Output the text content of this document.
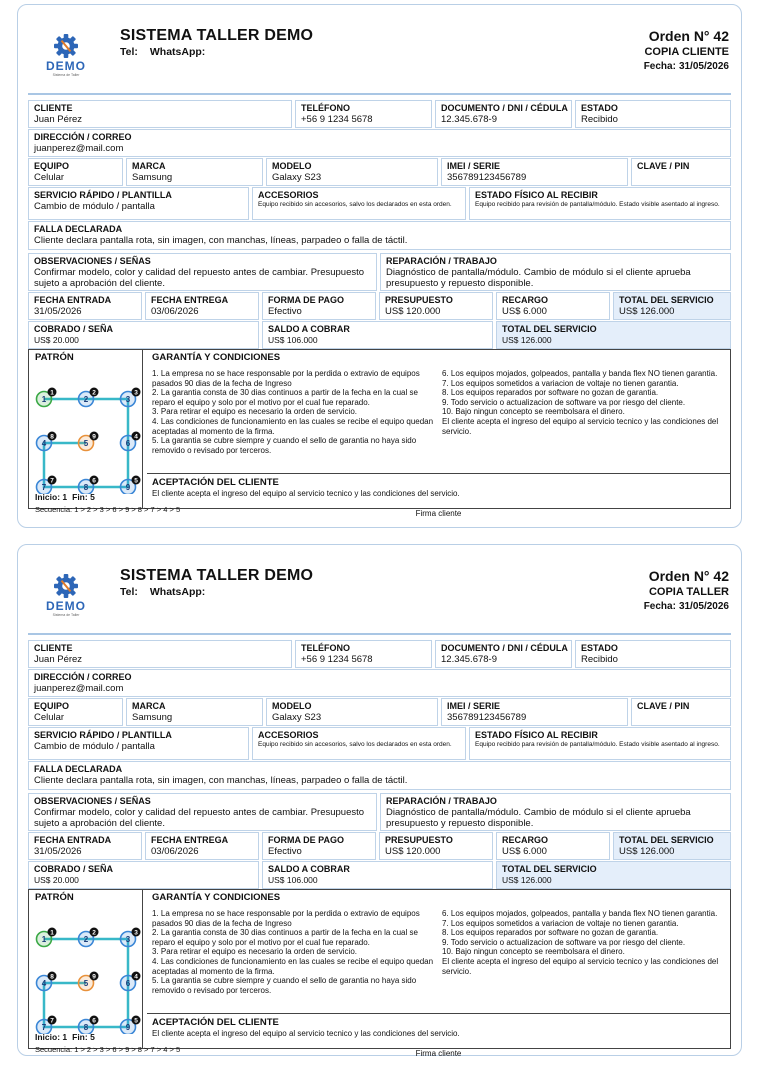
DEMO
Sistema de Taller
SISTEMA TALLER DEMO
Tel: WhatsApp:
Orden N° 42
COPIA CLIENTE
Fecha: 31/05/2026
CLIENTE
Juan Pérez
TELÉFONO
+56 9 1234 5678
DOCUMENTO / DNI / CÉDULA
12.345.678-9
ESTADO
Recibido
DIRECCIÓN / CORREO
juanperez@mail.com
EQUIPO
Celular
MARCA
Samsung
MODELO
Galaxy S23
IMEI / SERIE
356789123456789
CLAVE / PIN
SERVICIO RÁPIDO / PLANTILLA
Cambio de módulo / pantalla
ACCESORIOS
Equipo recibido sin accesorios, salvo los declarados en esta orden.
ESTADO FÍSICO AL RECIBIR
Equipo recibido para revisión de pantalla/módulo. Estado visible asentado al ingreso.
FALLA DECLARADA
Cliente declara pantalla rota, sin imagen, con manchas, líneas, parpadeo o falla de táctil.
OBSERVACIONES / SEÑAS
Confirmar modelo, color y calidad del repuesto antes de cambiar. Presupuesto sujeto a aprobación del cliente.
REPARACIÓN / TRABAJO
Diagnóstico de pantalla/módulo. Cambio de módulo si el cliente aprueba presupuesto y repuesto disponible.
FECHA ENTRADA
31/05/2026
FECHA ENTREGA
03/06/2026
FORMA DE PAGO
Efectivo
PRESUPUESTO
US$ 120.000
RECARGO
US$ 6.000
TOTAL DEL SERVICIO
US$ 126.000
COBRADO / SEÑA
US$ 20.000
SALDO A COBRAR
US$ 106.000
TOTAL DEL SERVICIO
US$ 126.000
PATRÓN
1
1
2
2
3
3
4
8
5
9
6
4
7
7
8
6
9
5
Inicio: 1 Fin: 5
Secuencia: 1 > 2 > 3 > 6 > 9 > 8 > 7 > 4 > 5
GARANTÍA Y CONDICIONES
1. La empresa no se hace responsable por la perdida o extravio de equipos pasados 90 dias de la fecha de Ingreso
2. La garantia consta de 30 dias continuos a partir de la fecha en la cual se reparo el equipo y solo por el motivo por el cual fue reparado.
3. Para retirar el equipo es necesario la orden de servicio.
4. Las condiciones de funcionamiento en las cuales se recibe el equipo quedan aceptadas al momento de la firma.
5. La garantia se cubre siempre y cuando el sello de garantia no haya sido removido o revisado por terceros.
6. Los equipos mojados, golpeados, pantalla y banda flex NO tienen garantia.
7. Los equipos sometidos a variacion de voltaje no tienen garantia.
8. Los equipos reparados por software no gozan de garantia.
9. Todo servicio o actualizacion de software va por riesgo del cliente.
10. Bajo ningun concepto se reembolsara el dinero.
El cliente acepta el ingreso del equipo al servicio tecnico y las condiciones del servicio.
ACEPTACIÓN DEL CLIENTE
El cliente acepta el ingreso del equipo al servicio tecnico y las condiciones del servicio.
Firma cliente
DEMO
Sistema de Taller
SISTEMA TALLER DEMO
Tel: WhatsApp:
Orden N° 42
COPIA TALLER
Fecha: 31/05/2026
CLIENTE
Juan Pérez
TELÉFONO
+56 9 1234 5678
DOCUMENTO / DNI / CÉDULA
12.345.678-9
ESTADO
Recibido
DIRECCIÓN / CORREO
juanperez@mail.com
EQUIPO
Celular
MARCA
Samsung
MODELO
Galaxy S23
IMEI / SERIE
356789123456789
CLAVE / PIN
SERVICIO RÁPIDO / PLANTILLA
Cambio de módulo / pantalla
ACCESORIOS
Equipo recibido sin accesorios, salvo los declarados en esta orden.
ESTADO FÍSICO AL RECIBIR
Equipo recibido para revisión de pantalla/módulo. Estado visible asentado al ingreso.
FALLA DECLARADA
Cliente declara pantalla rota, sin imagen, con manchas, líneas, parpadeo o falla de táctil.
OBSERVACIONES / SEÑAS
Confirmar modelo, color y calidad del repuesto antes de cambiar. Presupuesto sujeto a aprobación del cliente.
REPARACIÓN / TRABAJO
Diagnóstico de pantalla/módulo. Cambio de módulo si el cliente aprueba presupuesto y repuesto disponible.
FECHA ENTRADA
31/05/2026
FECHA ENTREGA
03/06/2026
FORMA DE PAGO
Efectivo
PRESUPUESTO
US$ 120.000
RECARGO
US$ 6.000
TOTAL DEL SERVICIO
US$ 126.000
COBRADO / SEÑA
US$ 20.000
SALDO A COBRAR
US$ 106.000
TOTAL DEL SERVICIO
US$ 126.000
PATRÓN
1
1
2
2
3
3
4
8
5
9
6
4
7
7
8
6
9
5
Inicio: 1 Fin: 5
Secuencia: 1 > 2 > 3 > 6 > 9 > 8 > 7 > 4 > 5
GARANTÍA Y CONDICIONES
1. La empresa no se hace responsable por la perdida o extravio de equipos pasados 90 dias de la fecha de Ingreso
2. La garantia consta de 30 dias continuos a partir de la fecha en la cual se reparo el equipo y solo por el motivo por el cual fue reparado.
3. Para retirar el equipo es necesario la orden de servicio.
4. Las condiciones de funcionamiento en las cuales se recibe el equipo quedan aceptadas al momento de la firma.
5. La garantia se cubre siempre y cuando el sello de garantia no haya sido removido o revisado por terceros.
6. Los equipos mojados, golpeados, pantalla y banda flex NO tienen garantia.
7. Los equipos sometidos a variacion de voltaje no tienen garantia.
8. Los equipos reparados por software no gozan de garantia.
9. Todo servicio o actualizacion de software va por riesgo del cliente.
10. Bajo ningun concepto se reembolsara el dinero.
El cliente acepta el ingreso del equipo al servicio tecnico y las condiciones del servicio.
ACEPTACIÓN DEL CLIENTE
El cliente acepta el ingreso del equipo al servicio tecnico y las condiciones del servicio.
Firma cliente
